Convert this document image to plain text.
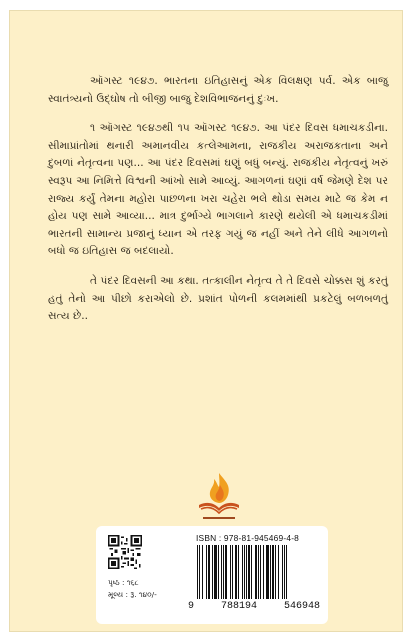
ઑગસ્ટ ૧૯૪૭. ભારતના ઇતિહાસનું એક વિલક્ષણ પર્વ. એક બાજુ સ્વાતંત્ર્યનો ઉદ્ઘોષ તો બીજી બાજુ દેશવિભાજનનું દુઃખ.

૧ ઑગસ્ટ ૧૯૪૭થી ૧૫ ઑગસ્ટ ૧૯૪૭. આ પંદર દિવસ ધમાચકડીના. સીમાપ્રાંતોમાં થનારી અમાનવીય કત્લેઆમના, રાજકીય અરાજકતાના અને દુબળાં નેતૃત્વના પણ... આ પંદર દિવસમાં ઘણું બધું બન્યું. રાજકીય નેતૃત્વનું ખરું સ્વરૂપ આ નિમિત્તે વિશ્વની આંખો સામે આવ્યું. આગળનાં ઘણાં વર્ષ જેમણે દેશ પર રાજ્ય કર્યું તેમના મહોરા પાછળના ખરા ચહેરા ભલે થોડા સમય માટે જ કેમ ન હોય પણ સામે આવ્યા... માત્ર દુર્ભાગ્યે ભાગલાને કારણે થયેલી એ ધમાચકડીમાં ભારતની સામાન્ય પ્રજાનું ધ્યાન એ તરફ ગયું જ નહીં અને તેને લીધે આગળનો બધો જ ઇતિહાસ જ બદલાયો.

તે પંદર દિવસની આ કથા. તત્કાલીન નેતૃત્વ તે તે દિવસે ચોક્કસ શું કરતું હતું તેનો આ પીછો કરાએલો છે. પ્રશાંત પોળની કલમમાંથી પ્રકટેલું બળબળતું સત્ય છે..

પૃષ્ઠ : ૧૬૮
મૂલ્ય : રૂ. ૧૪૦/-
ISBN : 978-81-945469-4-8
9	788194	546948
